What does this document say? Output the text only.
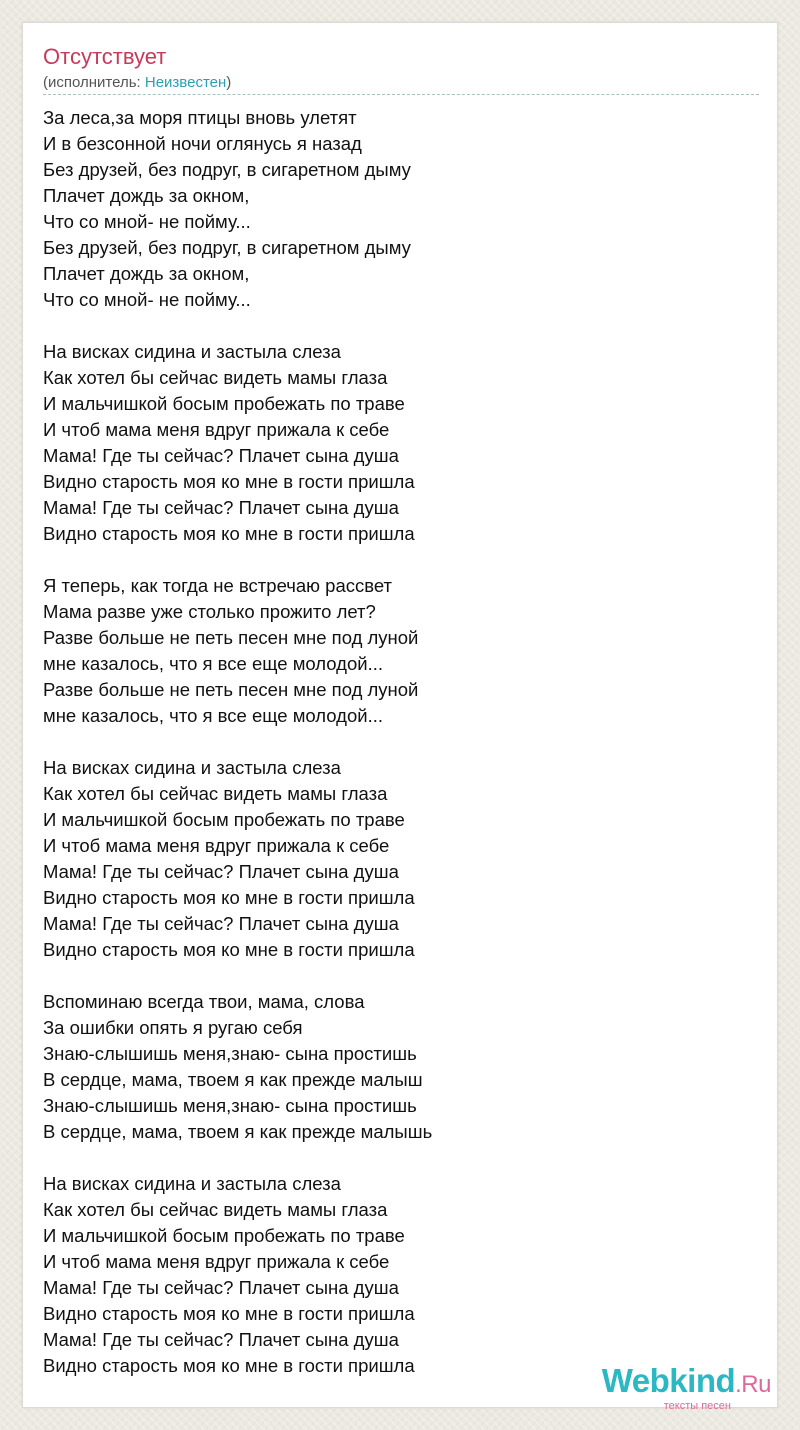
Отсутствует
(исполнитель: Неизвестен)
За леса,за моря птицы вновь улетят
И в безсонной ночи оглянусь я назад
Без друзей, без подруг, в сигаретном дыму
Плачет дождь за окном,
Что со мной- не пойму...
Без друзей, без подруг, в сигаретном дыму
Плачет дождь за окном,
Что со мной- не пойму...
На висках сидина и застыла слеза
Как хотел бы сейчас видеть мамы глаза
И мальчишкой босым пробежать по траве
И чтоб мама меня вдруг прижала к себе
Мама! Где ты сейчас? Плачет сына душа
Видно старость моя ко мне в гости пришла
Мама! Где ты сейчас? Плачет сына душа
Видно старость моя ко мне в гости пришла
Я теперь, как тогда не встречаю рассвет
Мама разве уже столько прожито лет?
Разве больше не петь песен мне под луной
мне казалось, что я все еще молодой...
Разве больше не петь песен мне под луной
мне казалось, что я все еще молодой...
На висках сидина и застыла слеза
Как хотел бы сейчас видеть мамы глаза
И мальчишкой босым пробежать по траве
И чтоб мама меня вдруг прижала к себе
Мама! Где ты сейчас? Плачет сына душа
Видно старость моя ко мне в гости пришла
Мама! Где ты сейчас? Плачет сына душа
Видно старость моя ко мне в гости пришла
Вспоминаю всегда твои, мама, слова
За ошибки опять я ругаю себя
Знаю-слышишь меня,знаю- сына простишь
В сердце, мама, твоем я как прежде малыш
Знаю-слышишь меня,знаю- сына простишь
В сердце, мама, твоем я как прежде малышь
На висках сидина и застыла слеза
Как хотел бы сейчас видеть мамы глаза
И мальчишкой босым пробежать по траве
И чтоб мама меня вдруг прижала к себе
Мама! Где ты сейчас? Плачет сына душа
Видно старость моя ко мне в гости пришла
Мама! Где ты сейчас? Плачет сына душа
Видно старость моя ко мне в гости пришла	Webkind.Ru
тексты песен
